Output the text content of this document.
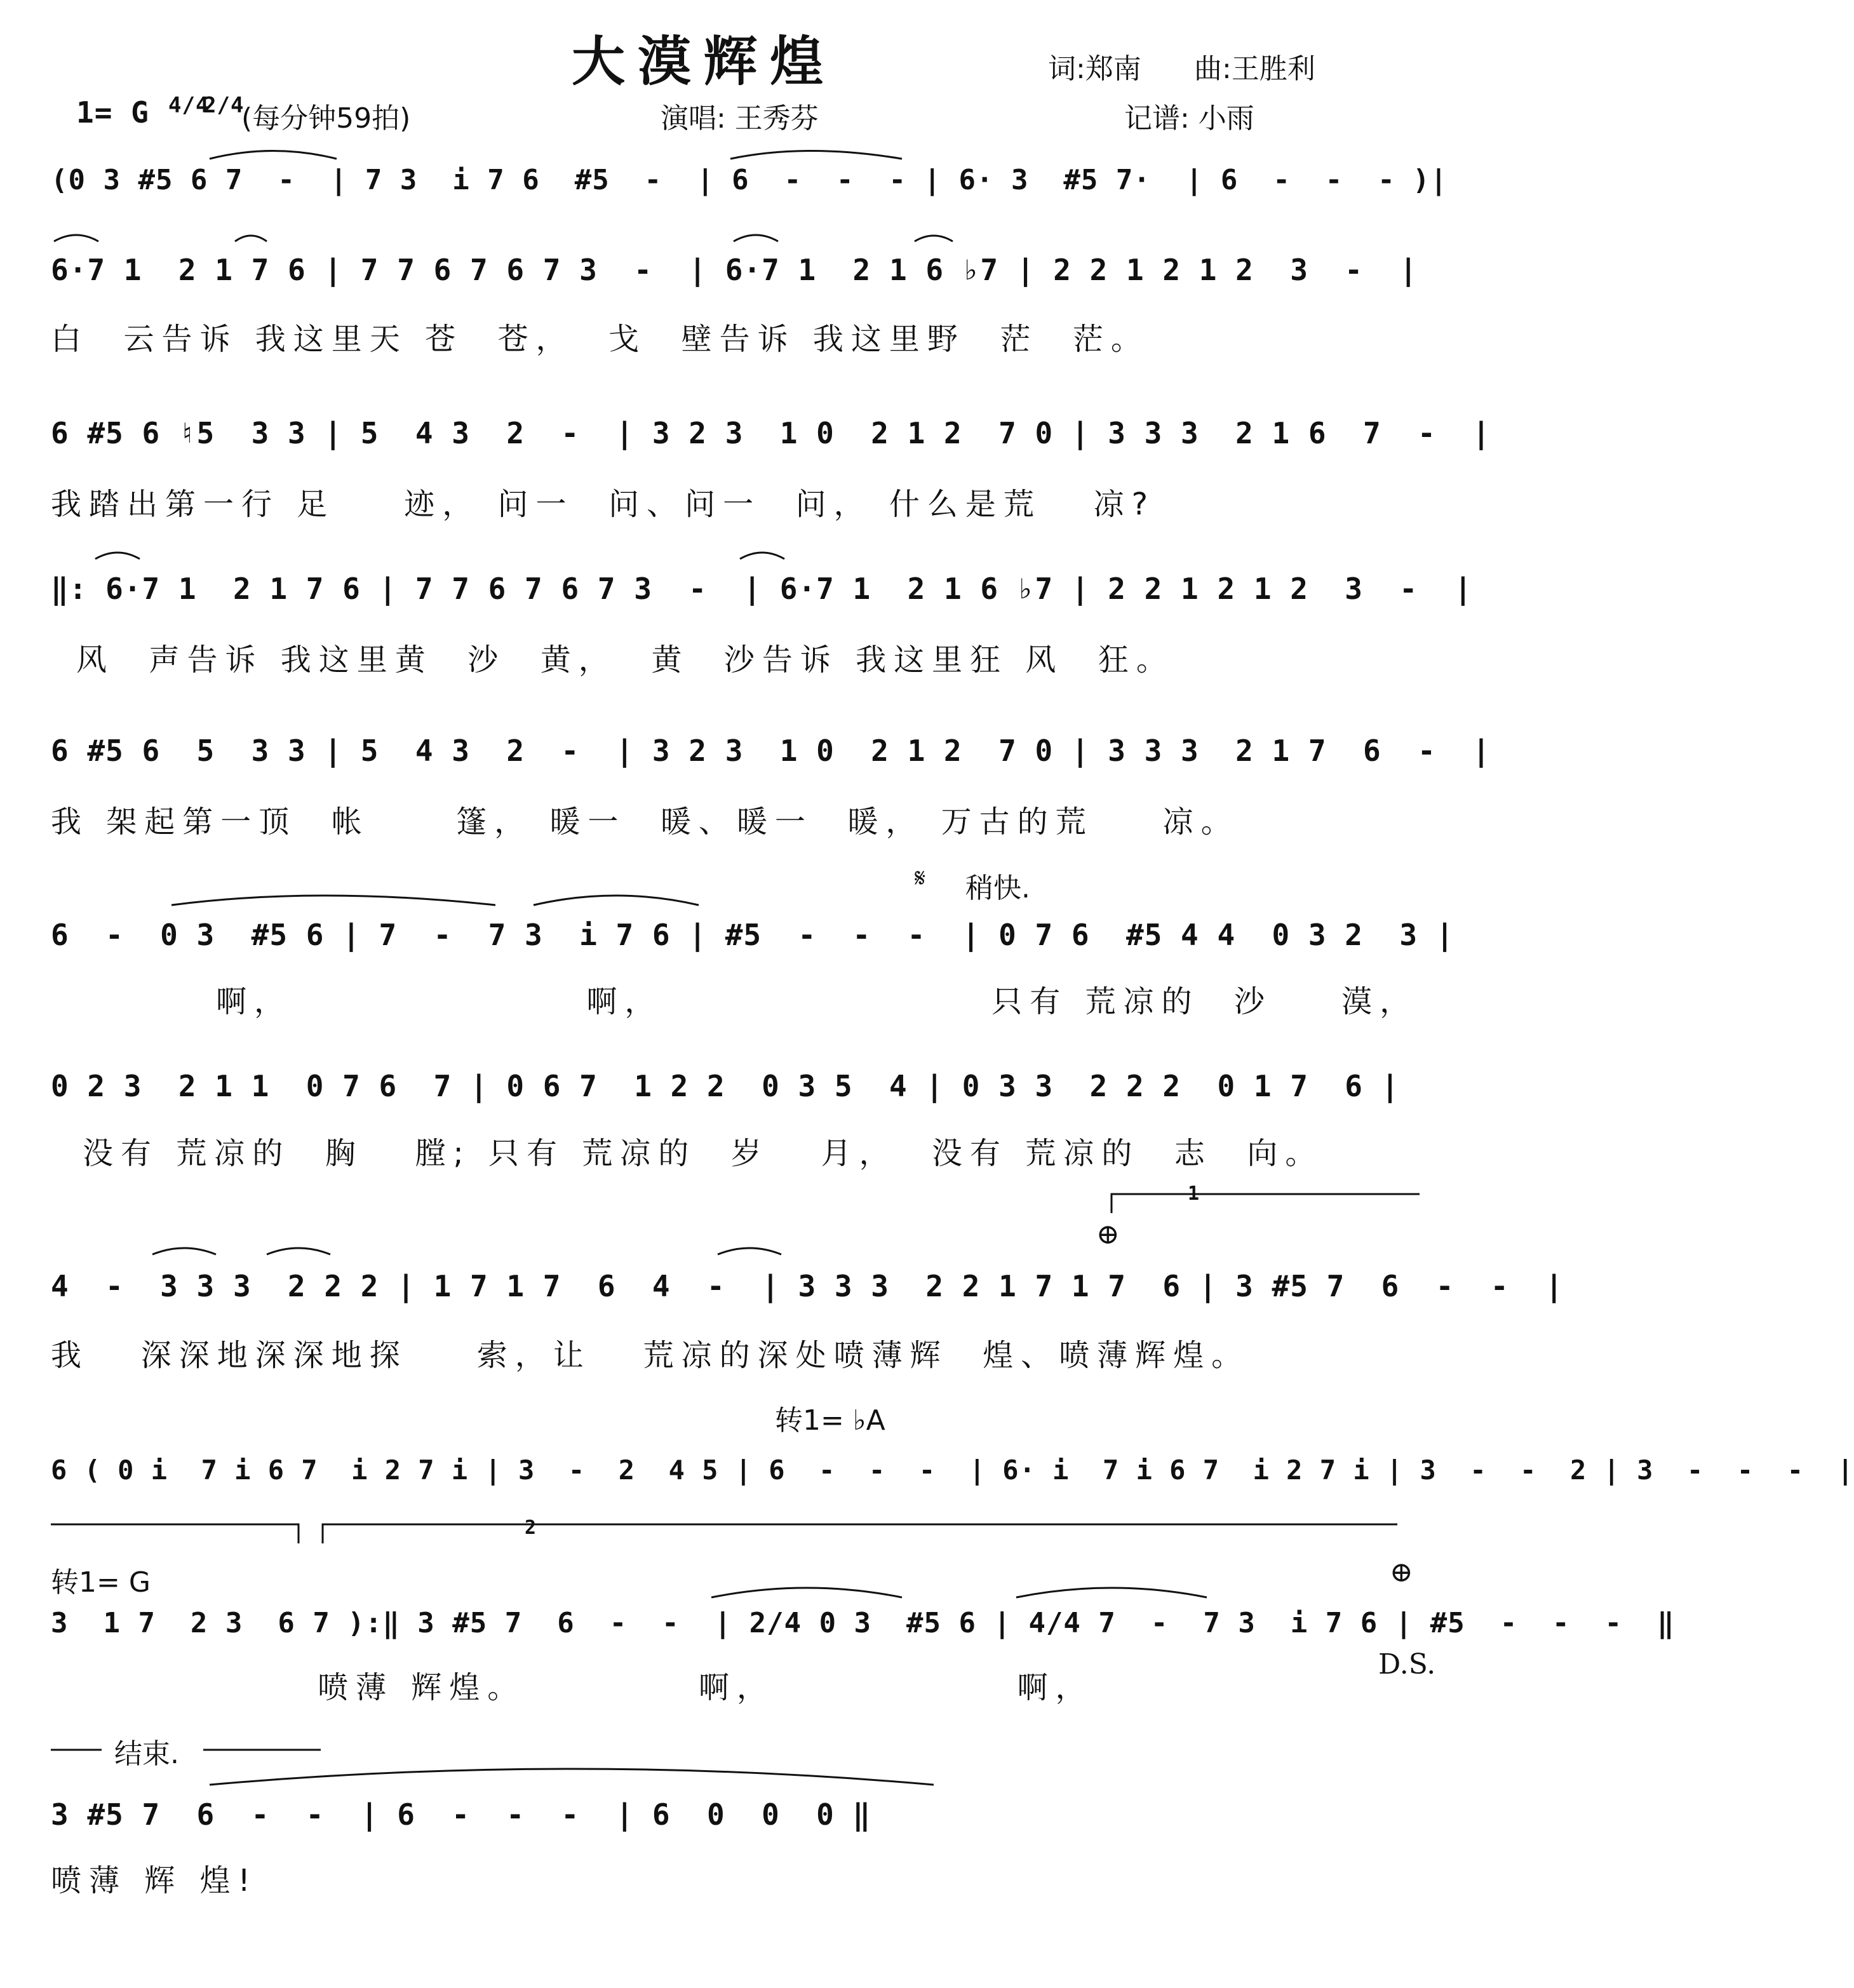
大漠辉煌	词:郑南 曲:王胜利
1= G 4/4
2/4
(每分钟59拍)	演唱: 王秀芬	记谱: 小雨
(0 3 #5 6 7  -  | 7 3  i 7 6  #5  -  | 6  -  -  - | 6· 3  #5 7·  | 6  -  -  - )|
6·7 1  2 1 7 6 | 7 7 6 7 6 7 3  -  | 6·7 1  2 1 6 ♭7 | 2 2 1 2 1 2  3  -  |
白  云告诉 我这里天 苍  苍，  戈  壁告诉 我这里野  茫  茫。
6 #5 6 ♮5  3 3 | 5  4 3  2  -  | 3 2 3  1 0  2 1 2  7 0 | 3 3 3  2 1 6  7  -  |
我踏出第一行 足    迹， 问一  问、问一  问， 什么是荒   凉?
‖: 6·7 1  2 1 7 6 | 7 7 6 7 6 7 3  -  | 6·7 1  2 1 6 ♭7 | 2 2 1 2 1 2  3  -  |
风  声告诉 我这里黄  沙  黄，  黄  沙告诉 我这里狂 风  狂。
6 #5 6  5  3 3 | 5  4 3  2  -  | 3 2 3  1 0  2 1 2  7 0 | 3 3 3  2 1 7  6  -  |
我 架起第一顶  帐     篷， 暖一  暖、暖一  暖， 万古的荒    凉。
𝄋 稍快.
6  -  0 3  #5 6 | 7  -  7 3  i 7 6 | #5  -  -  -  | 0 7 6  #5 4 4  0 3 2  3 |
啊，                 啊，                   只有 荒凉的  沙    漠，
0 2 3  2 1 1  0 7 6  7 | 0 6 7  1 2 2  0 3 5  4 | 0 3 3  2 2 2  0 1 7  6 |
没有 荒凉的  胸   膛; 只有 荒凉的  岁   月，  没有 荒凉的  志  向。
1
⊕
4  -  3 3 3  2 2 2 | 1 7 1 7  6  4  -  | 3 3 3  2 2 1 7 1 7  6 | 3 #5 7  6  -  -  |
我   深深地深深地探    索，让   荒凉的深处喷薄辉  煌、喷薄辉煌。
转1= ♭A
6 ( 0 i  7 i 6 7  i 2 7 i | 3  -  2  4 5 | 6  -  -  -  | 6· i  7 i 6 7  i 2 7 i | 3  -  -  2 | 3  -  -  -  |
2
转1= G	⊕
3  1 7  2 3  6 7 ):‖ 3 #5 7  6  -  -  | 2/4 0 3  #5 6 | 4/4 7  -  7 3  i 7 6 | #5  -  -  -  ‖
喷薄 辉煌。          啊，              啊，
D.S.
结束.
3 #5 7  6  -  -  | 6  -  -  -  | 6  0  0  0 ‖
喷薄 辉 煌!
